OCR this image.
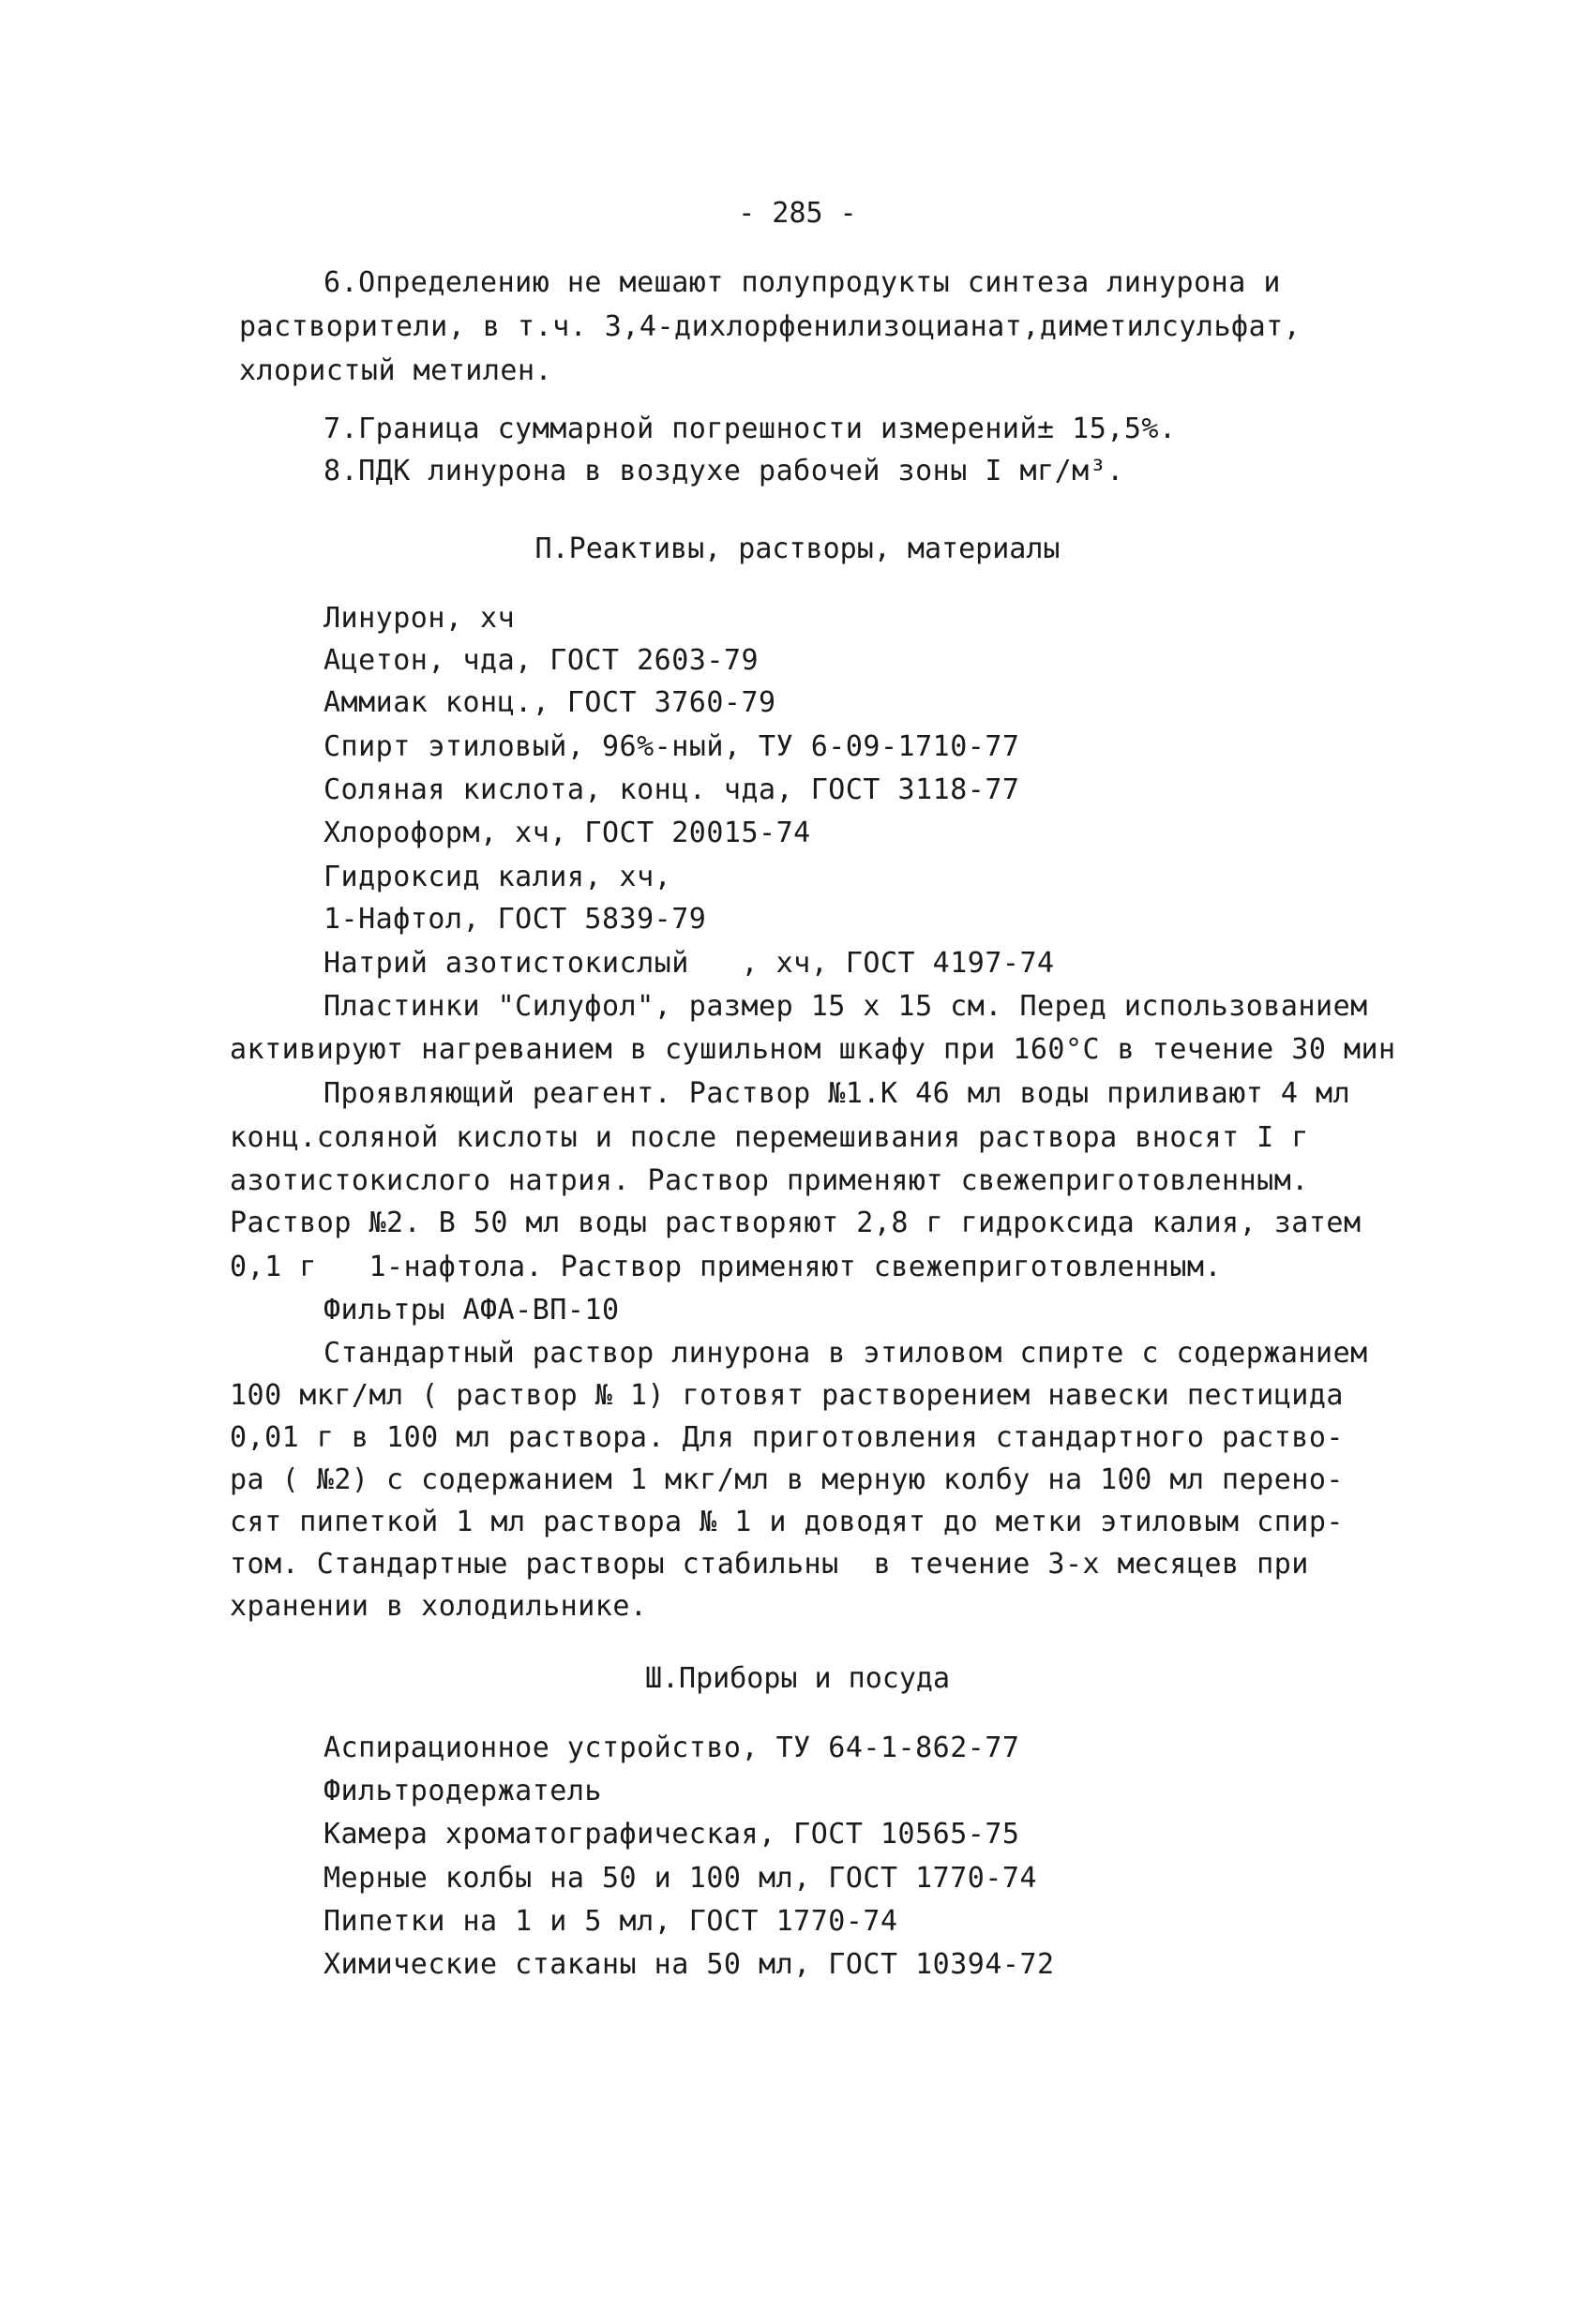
- 285 -
6.Определению не мешают полупродукты синтеза линурона и
растворители, в т.ч. 3,4-дихлорфенилизоцианат,диметилсульфат,
хлористый метилен.
7.Граница суммарной погрешности измерений± 15,5%.
8.ПДК линурона в воздухе рабочей зоны I мг/м³.
П.Реактивы, растворы, материалы
Линурон, хч
Ацетон, чда, ГОСТ 2603-79
Аммиак конц., ГОСТ 3760-79
Спирт этиловый, 96%-ный, ТУ 6-09-1710-77
Соляная кислота, конц. чда, ГОСТ 3118-77
Хлороформ, хч, ГОСТ 20015-74
Гидроксид калия, хч,
1-Нафтол, ГОСТ 5839-79
Натрий азотистокислый   , хч, ГОСТ 4197-74
Пластинки "Силуфол", размер 15 х 15 см. Перед использованием
активируют нагреванием в сушильном шкафу при 160°С в течение 30 мин
Проявляющий реагент. Раствор №1.К 46 мл воды приливают 4 мл
конц.соляной кислоты и после перемешивания раствора вносят I г
азотистокислого натрия. Раствор применяют свежеприготовленным.
Раствор №2. В 50 мл воды растворяют 2,8 г гидроксида калия, затем
0,1 г   1-нафтола. Раствор применяют свежеприготовленным.
Фильтры АФА-ВП-10
Стандартный раствор линурона в этиловом спирте с содержанием
100 мкг/мл ( раствор № 1) готовят растворением навески пестицида
0,01 г в 100 мл раствора. Для приготовления стандартного раство-
ра ( №2) с содержанием 1 мкг/мл в мерную колбу на 100 мл перено-
сят пипеткой 1 мл раствора № 1 и доводят до метки этиловым спир-
том. Стандартные растворы стабильны  в течение 3-х месяцев при
хранении в холодильнике.
Ш.Приборы и посуда
Аспирационное устройство, ТУ 64-1-862-77
Фильтродержатель
Камера хроматографическая, ГОСТ 10565-75
Мерные колбы на 50 и 100 мл, ГОСТ 1770-74
Пипетки на 1 и 5 мл, ГОСТ 1770-74
Химические стаканы на 50 мл, ГОСТ 10394-72
